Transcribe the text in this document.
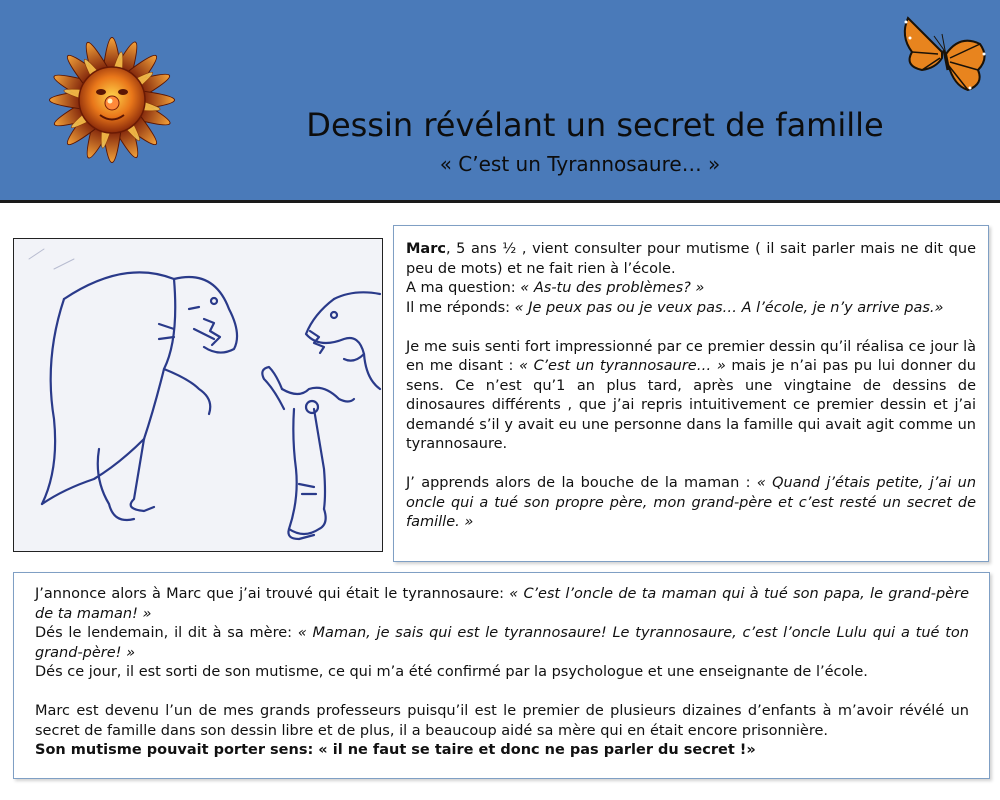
Dessin révélant un secret de famille
« C’est un Tyrannosaure… »

Marc, 5 ans ½ , vient consulter pour mutisme ( il sait parler mais ne dit que peu de mots) et ne fait rien à l’école.

A ma question: « As-tu des problèmes? »

Il me réponds: « Je peux pas ou je veux pas… A l’école, je n’y arrive pas.»

Je me suis senti fort impressionné par ce premier dessin qu’il réalisa ce jour là en me disant : « C’est un tyrannosaure… » mais je n’ai pas pu lui donner du sens. Ce n’est qu’1 an plus tard, après une vingtaine de dessins de dinosaures différents , que j’ai repris intuitivement ce premier dessin et j’ai demandé s’il y avait eu une personne dans la famille qui avait agit comme un tyrannosaure.

J’ apprends alors de la bouche de la maman : « Quand j’étais petite, j’ai un oncle qui a tué son propre père, mon grand-père et c’est resté un secret de famille. »

J’annonce alors à Marc que j’ai trouvé qui était le tyrannosaure: « C’est l’oncle de ta maman qui à tué son papa, le grand-père de ta maman! »

Dés le lendemain, il dit à sa mère: « Maman, je sais qui est le tyrannosaure! Le tyrannosaure, c’est l’oncle Lulu qui a tué ton grand-père! »

Dés ce jour, il est sorti de son mutisme, ce qui m’a été confirmé par la psychologue et une enseignante de l’école.

Marc est devenu l’un de mes grands professeurs puisqu’il est le premier de plusieurs dizaines d’enfants à m’avoir révélé un secret de famille dans son dessin libre et de plus, il a beaucoup aidé sa mère qui en était encore prisonnière.

Son mutisme pouvait porter sens: « il ne faut se taire et donc ne pas parler du secret !»
